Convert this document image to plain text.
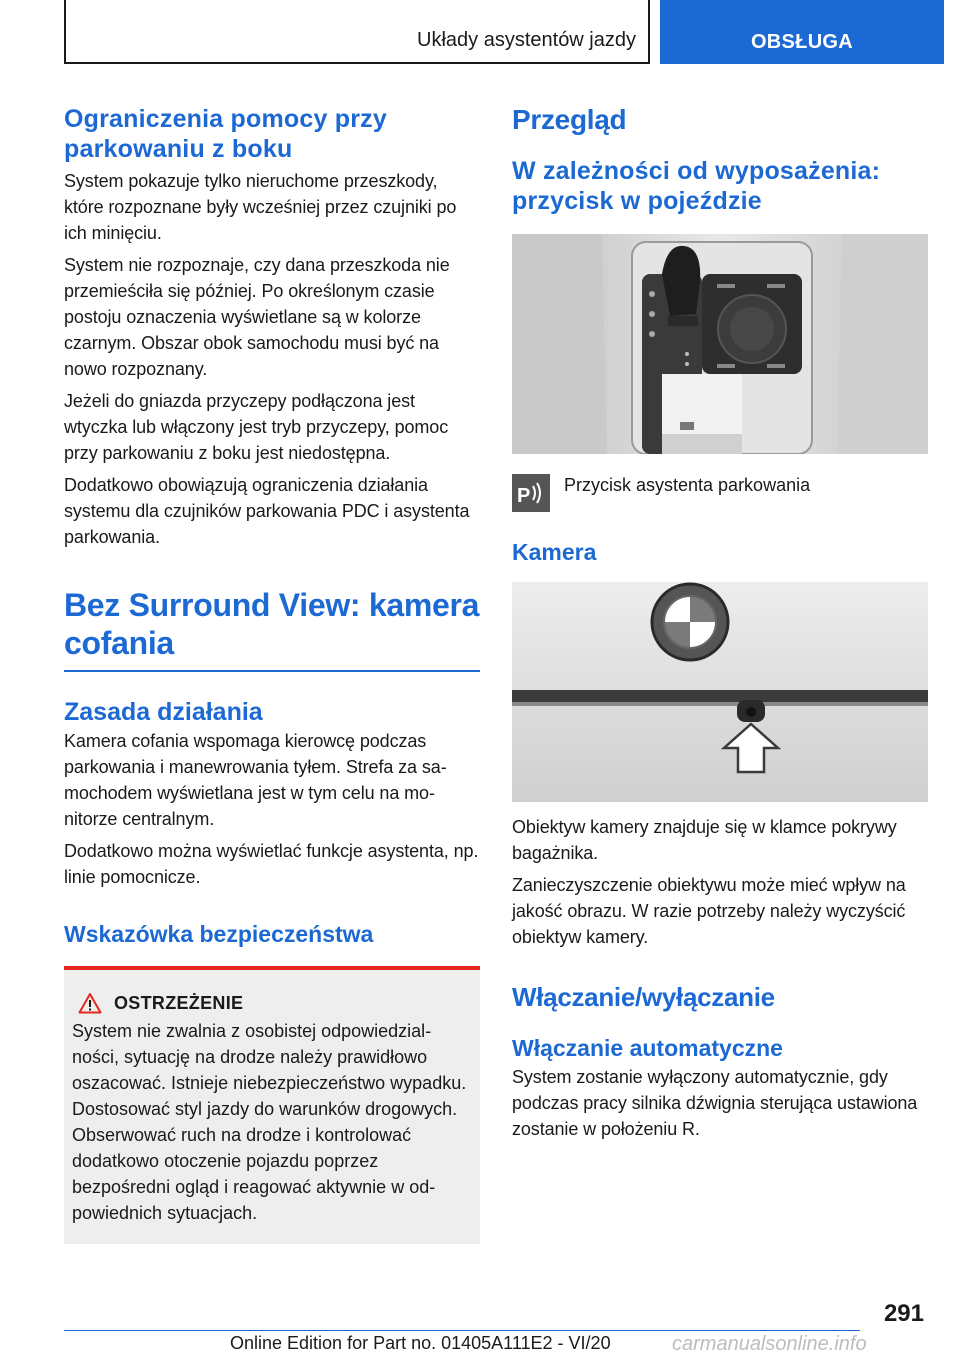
Układy asystentów jazdy	OBSŁUGA
Ograniczenia pomocy przy parkowaniu z boku

System pokazuje tylko nieruchome przeszkody, które rozpoznane były wcześniej przez czujniki po ich minięciu.

System nie rozpoznaje, czy dana przeszkoda nie przemieściła się później. Po określonym czasie postoju oznaczenia wyświetlane są w kolorze czarnym. Obszar obok samochodu musi być na nowo rozpoznany.

Jeżeli do gniazda przyczepy podłączona jest wtyczka lub włączony jest tryb przyczepy, pomoc przy parkowaniu z boku jest niedostępna.

Dodatkowo obowiązują ograniczenia działania systemu dla czujników parkowania PDC i asystenta parkowania.

Bez Surround View: kamera cofania
Zasada działania

Kamera cofania wspomaga kierowcę podczas parkowania i manewrowania tyłem. Strefa za samochodem wyświetlana jest w tym celu na monitorze centralnym.

Dodatkowo można wyświetlać funkcje asystenta, np. linie pomocnicze.

Wskazówka bezpieczeństwa
OSTRZEŻENIE

System nie zwalnia z osobistej odpowiedzialności, sytuację na drodze należy prawidłowo oszacować. Istnieje niebezpieczeństwo wypadku. Dostosować styl jazdy do warunków drogowych. Obserwować ruch na drodze i kontrolować dodatkowo otoczenie pojazdu poprzez bezpośredni ogląd i reagować aktywnie w odpowiednich sytuacjach.

Przegląd
W zależności od wyposażenia: przycisk w pojeździe
P Przycisk asystenta parkowania
Kamera

Obiektyw kamery znajduje się w klamce pokrywy bagażnika.

Zanieczyszczenie obiektywu może mieć wpływ na jakość obrazu. W razie potrzeby należy wyczyścić obiektyw kamery.

Włączanie/wyłączanie
Włączanie automatyczne

System zostanie wyłączony automatycznie, gdy podczas pracy silnika dźwignia sterująca ustawiona zostanie w położeniu R.

291
Online Edition for Part no. 01405A111E2 - VI/20	carmanualsonline.info
